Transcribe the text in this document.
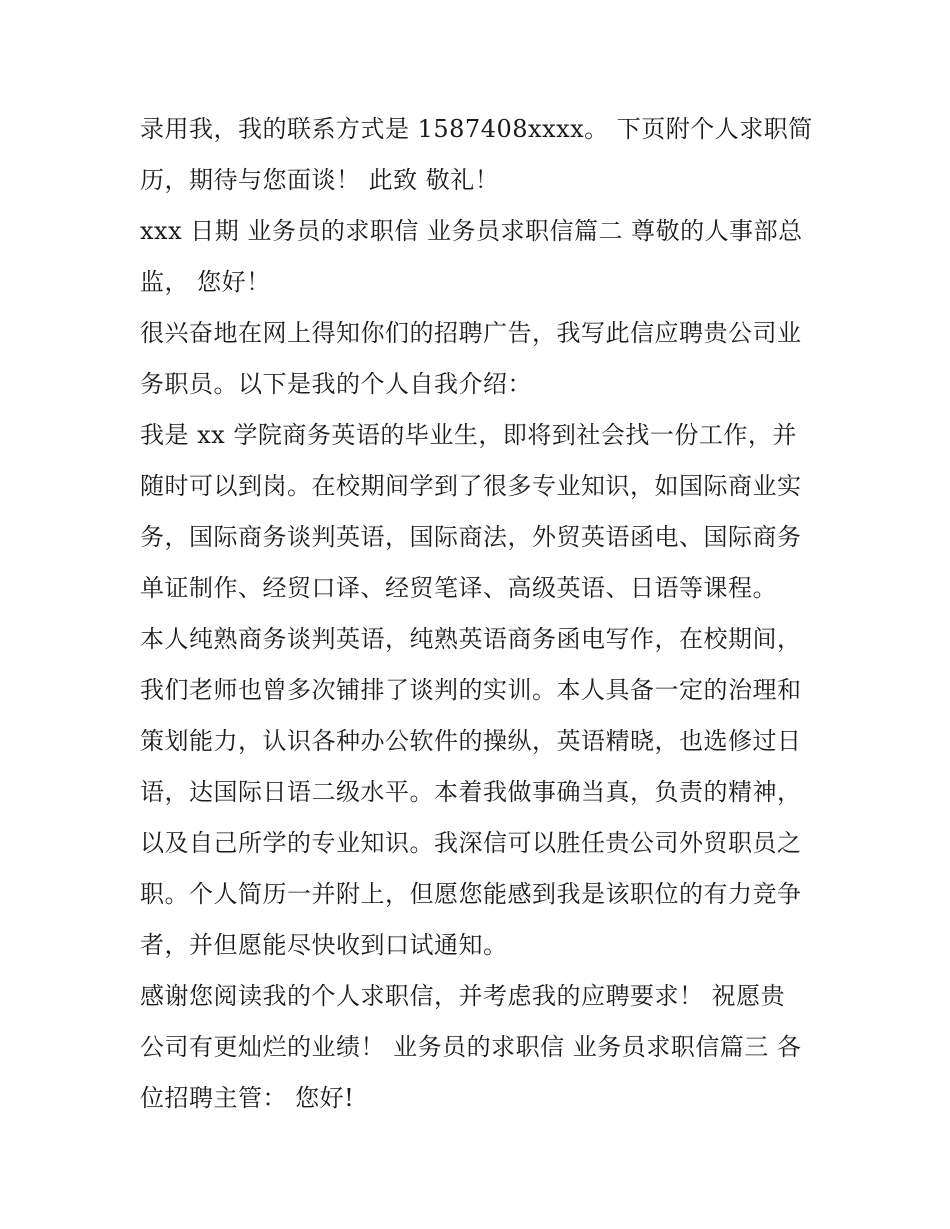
录用我，我的联系方式是 1587408xxxx。 下页附个人求职简
历，期待与您面谈！ 此致 敬礼！
xxx 日期 业务员的求职信 业务员求职信篇二 尊敬的人事部总
监， 您好！
很兴奋地在网上得知你们的招聘广告，我写此信应聘贵公司业
务职员。以下是我的个人自我介绍：
我是 xx 学院商务英语的毕业生，即将到社会找一份工作，并
随时可以到岗。在校期间学到了很多专业知识，如国际商业实
务，国际商务谈判英语，国际商法，外贸英语函电、国际商务
单证制作、经贸口译、经贸笔译、高级英语、日语等课程。
本人纯熟商务谈判英语，纯熟英语商务函电写作，在校期间，
我们老师也曾多次铺排了谈判的实训。本人具备一定的治理和
策划能力，认识各种办公软件的操纵，英语精晓，也选修过日
语，达国际日语二级水平。本着我做事确当真，负责的精神，
以及自己所学的专业知识。我深信可以胜任贵公司外贸职员之
职。个人简历一并附上，但愿您能感到我是该职位的有力竞争
者，并但愿能尽快收到口试通知。
感谢您阅读我的个人求职信，并考虑我的应聘要求！ 祝愿贵
公司有更灿烂的业绩！ 业务员的求职信 业务员求职信篇三 各
位招聘主管： 您好!
